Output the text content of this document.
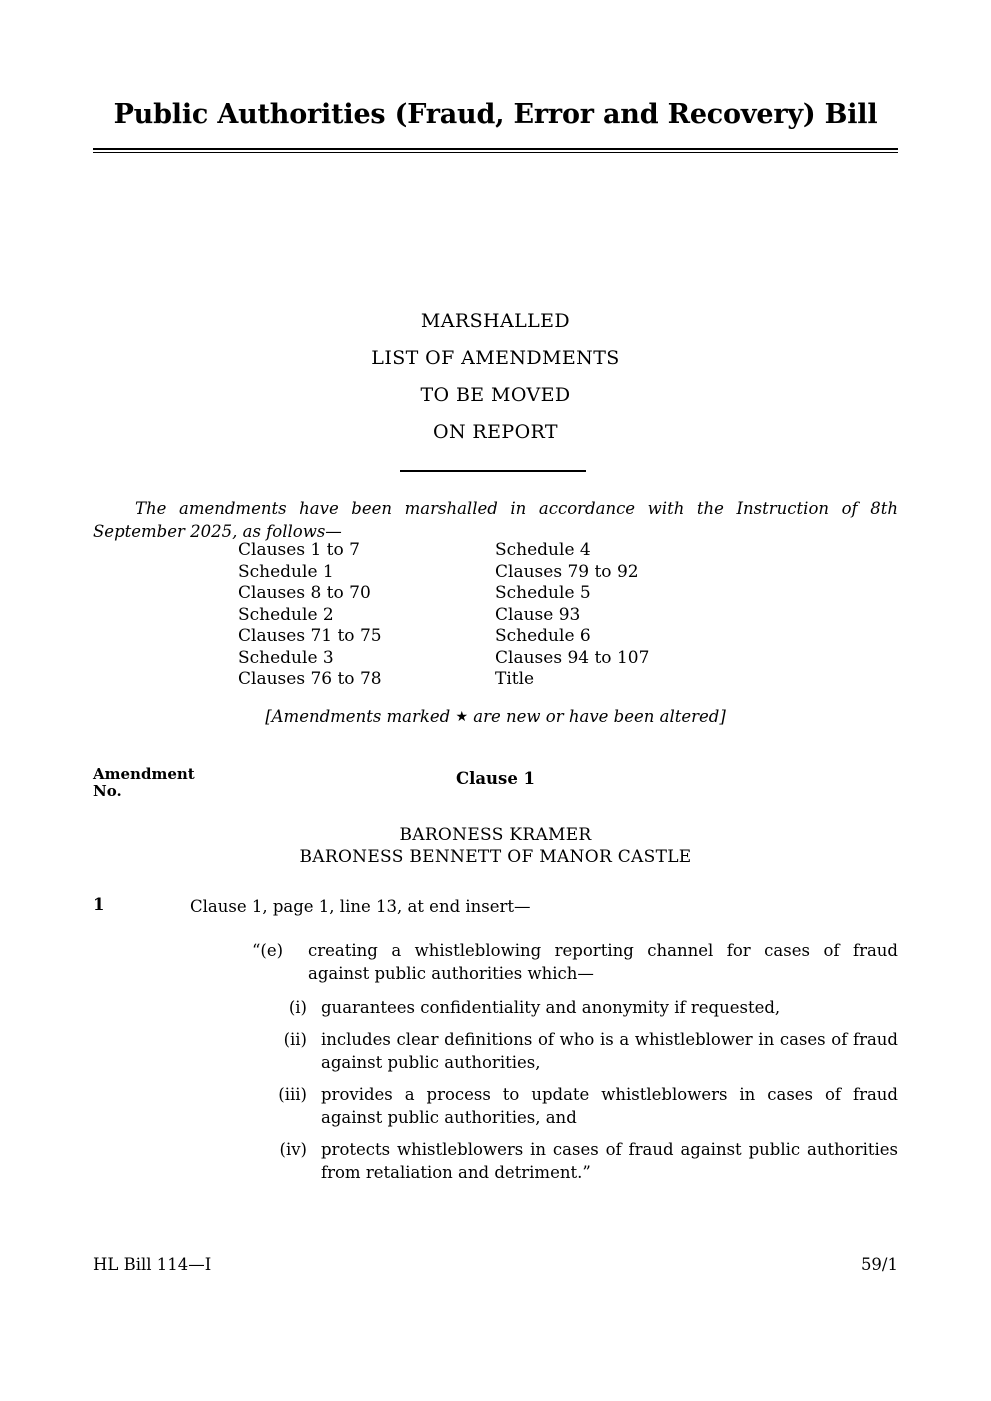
Public Authorities (Fraud, Error and Recovery) Bill
MARSHALLED
LIST OF AMENDMENTS
TO BE MOVED
ON REPORT
The amendments have been marshalled in accordance with the Instruction of 8th September 2025, as follows—
Clauses 1 to 7	Schedule 4
Schedule 1	Clauses 79 to 92
Clauses 8 to 70	Schedule 5
Schedule 2	Clause 93
Clauses 71 to 75	Schedule 6
Schedule 3	Clauses 94 to 107
Clauses 76 to 78	Title
[Amendments marked ★ are new or have been altered]
Amendment
No.
Clause 1
BARONESS KRAMER
BARONESS BENNETT OF MANOR CASTLE
1	Clause 1, page 1, line 13, at end insert—
“(e)	creating a whistleblowing reporting channel for cases of fraud against public authorities which—
(i) guarantees confidentiality and anonymity if requested,
(ii) includes clear definitions of who is a whistleblower in cases of fraud against public authorities,
(iii) provides a process to update whistleblowers in cases of fraud against public authorities, and
(iv) protects whistleblowers in cases of fraud against public authorities from retaliation and detriment.”
HL Bill 114—I	59/1
